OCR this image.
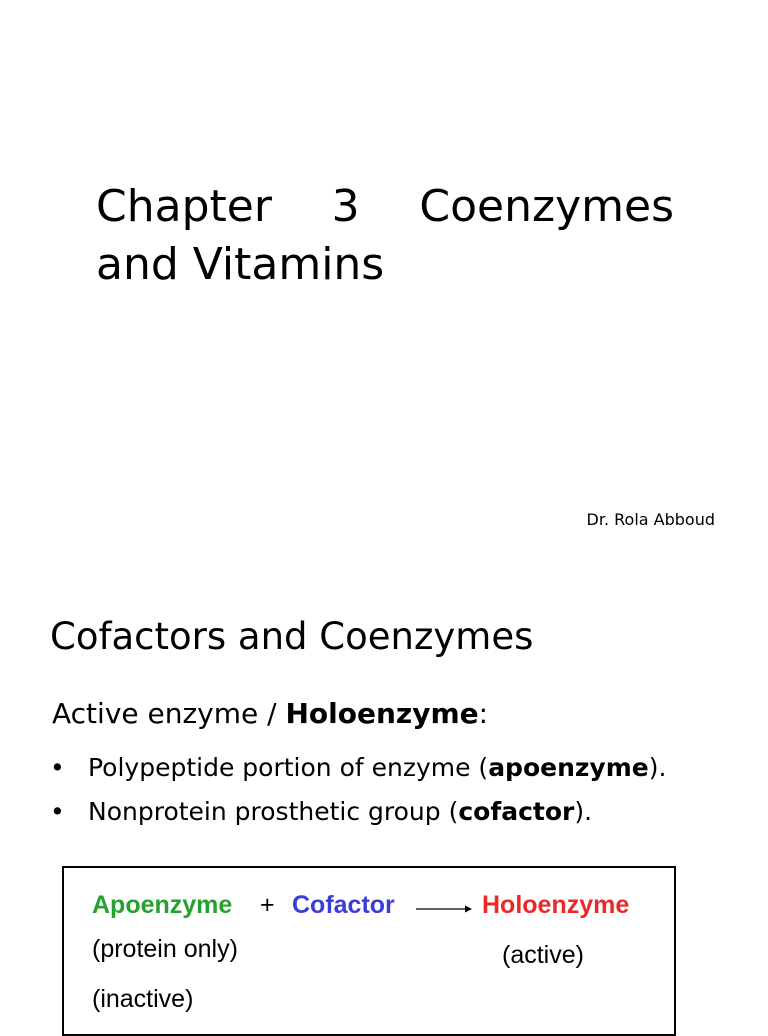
Chapter 3 Coenzymes and Vitamins

Dr. Rola Abboud

Cofactors and Coenzymes

Active enzyme / Holoenzyme:

• Polypeptide portion of enzyme (apoenzyme).
• Nonprotein prosthetic group (cofactor).
Apoenzyme + Cofactor → Holoenzyme
(protein only)	(active)
(inactive)
